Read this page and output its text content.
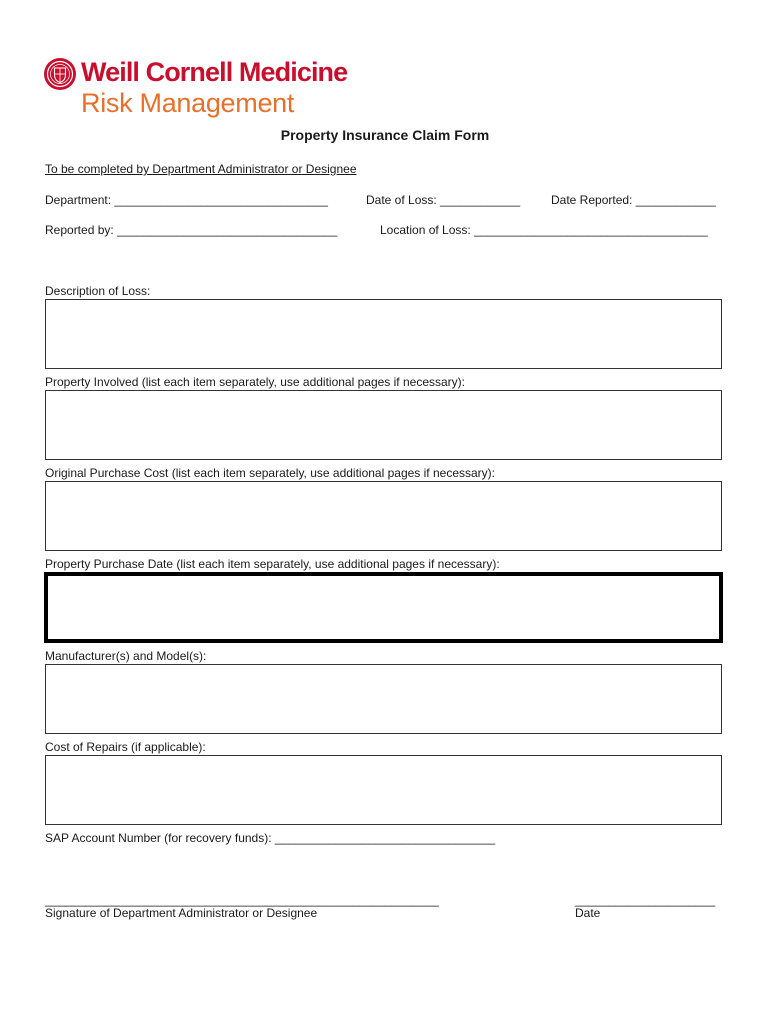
Weill Cornell Medicine
Risk Management
Property Insurance Claim Form
To be completed by Department Administrator or Designee
Department: ________________________________	Date of Loss: ____________	Date Reported: ____________
Reported by: _________________________________	Location of Loss: ___________________________________
Description of Loss:
Property Involved (list each item separately, use additional pages if necessary):
Original Purchase Cost (list each item separately, use additional pages if necessary):
Property Purchase Date (list each item separately, use additional pages if necessary):
Manufacturer(s) and Model(s):
Cost of Repairs (if applicable):
SAP Account Number (for recovery funds): _________________________________
___________________________________________________________
Signature of Department Administrator or Designee
_____________________
Date
